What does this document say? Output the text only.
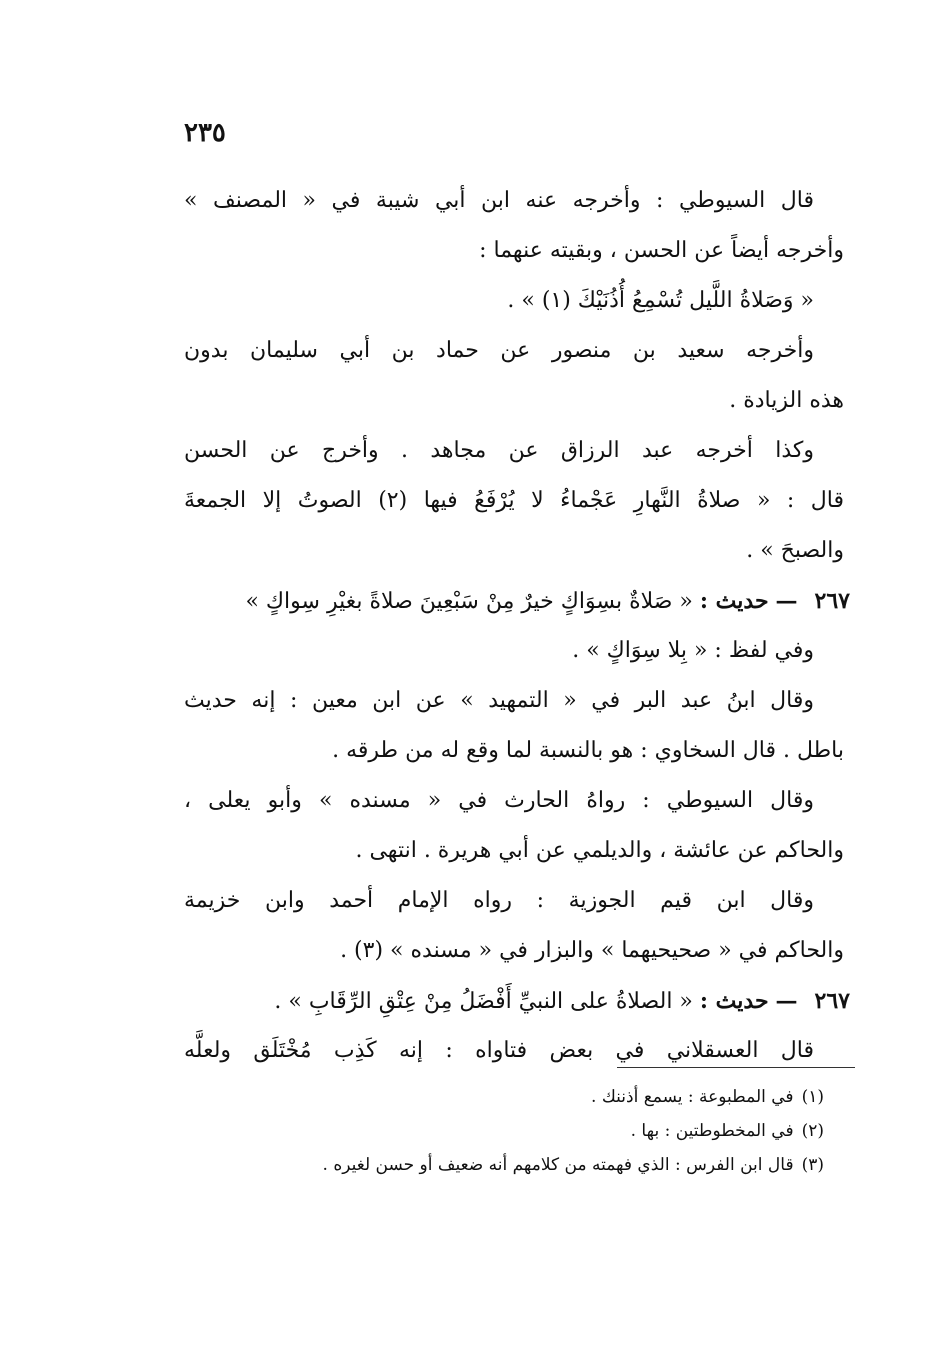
٢٣٥
قال السيوطي : وأخرجه عنه ابن أبي شيبة في « المصنف »
وأخرجه أيضاً عن الحسن ، وبقيته عنهما :
« وَصَلاةُ اللَّيل تُسْمِعُ أُذُنَيْكَ (١) » .
وأخرجه سعيد بن منصور عن حماد بن أبي سليمان بدون
هذه الزيادة .
وكذا أخرجه عبد الرزاق عن مجاهد . وأخرج عن الحسن
قال : « صلاةُ النَّهارِ عَجْماءُ لا يُرْفَعُ فيها (٢) الصوتُ إلا الجمعةَ
والصبحَ » .
٢٦٧ — حديث : « صَلاةٌ بسِوَاكٍ خيرٌ مِنْ سَبْعِينَ صلاةً بغيْرِ سِواكٍ »
وفي لفظ : « بِلا سِوَاكٍ » .
وقال ابنُ عبد البر في « التمهيد » عن ابن معين : إنه حديث
باطل . قال السخاوي : هو بالنسبة لما وقع له من طرقه .
وقال السيوطي : رواهُ الحارث في « مسنده » وأبو يعلى ،
والحاكم عن عائشة ، والديلمي عن أبي هريرة . انتهى .
وقال ابن قيم الجوزية : رواه الإمام أحمد وابن خزيمة
والحاكم في « صحيحيهما » والبزار في « مسنده » (٣) .
٢٦٧ — حديث : « الصلاةُ على النبيِّ أَفْضَلُ مِنْ عِتْقِ الرِّقَابِ » .
قال العسقلاني في بعض فتاواه : إنه كَذِب مُخْتَلَق ولعلَّه
(١)في المطبوعة : يسمع أذننك .
(٢)في المخطوطتين : بها .
(٣)قال ابن الفرس : الذي فهمته من كلامهم أنه ضعيف أو حسن لغيره .
